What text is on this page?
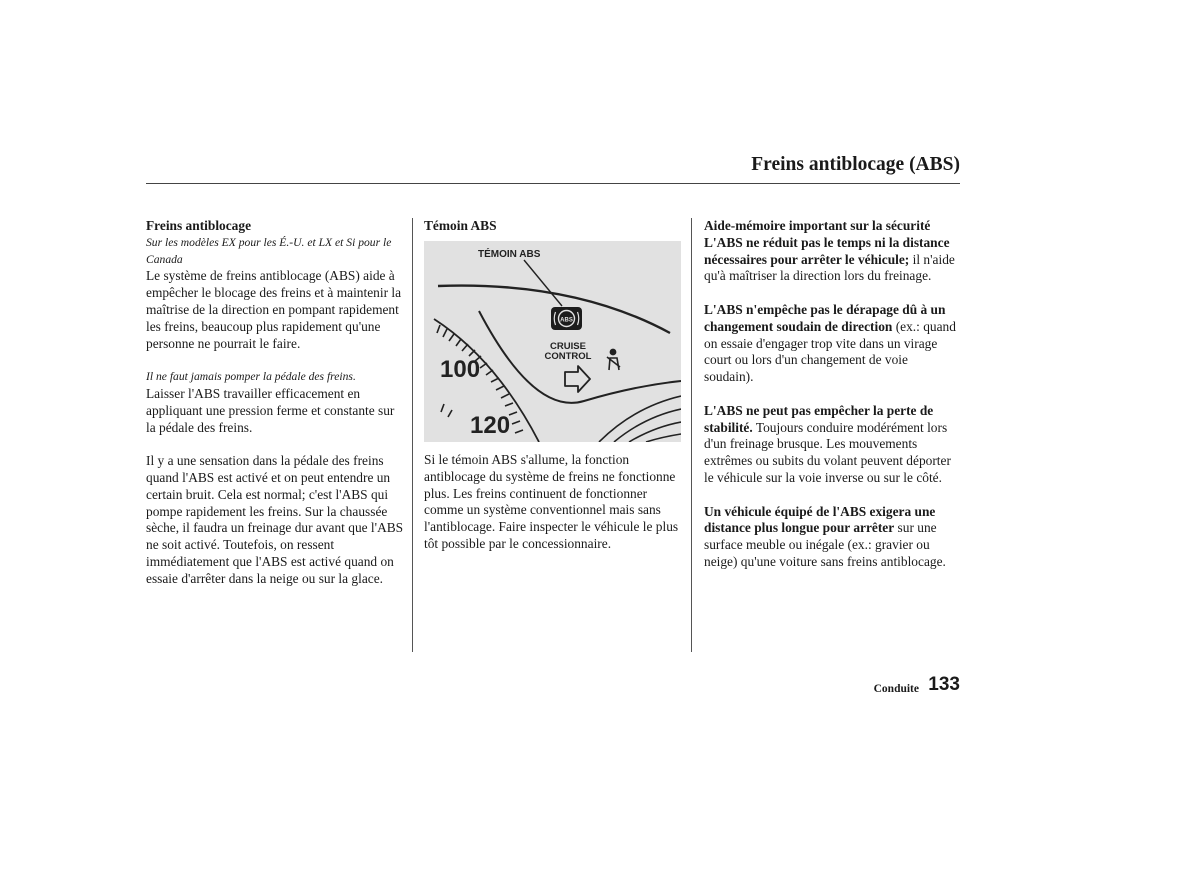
Freins antiblocage (ABS)

Freins antiblocage

Sur les modèles EX pour les É.-U. et LX et Si pour le Canada

Le système de freins antiblocage (ABS) aide à empêcher le blocage des freins et à maintenir la maîtrise de la direction en pompant rapidement les freins, beaucoup plus rapidement qu'une personne ne pourrait le faire.

Il ne faut jamais pomper la pédale des freins.

Laisser l'ABS travailler efficacement en appliquant une pression ferme et constante sur la pédale des freins.

Il y a une sensation dans la pédale des freins quand l'ABS est activé et on peut entendre un certain bruit. Cela est normal; c'est l'ABS qui pompe rapidement les freins. Sur la chaussée sèche, il faudra un freinage dur avant que l'ABS ne soit activé. Toutefois, on ressent immédiatement que l'ABS est activé quand on essaie d'arrêter dans la neige ou sur la glace.

Témoin ABS

TÉMOIN ABS
ABS
CRUISE
CONTROL
100
120

Si le témoin ABS s'allume, la fonction antiblocage du système de freins ne fonctionne plus. Les freins continuent de fonctionner comme un système conventionnel mais sans l'antiblocage. Faire inspecter le véhicule le plus tôt possible par le concessionnaire.

Aide-mémoire important sur la sécurité

L'ABS ne réduit pas le temps ni la distance nécessaires pour arrêter le véhicule; il n'aide qu'à maîtriser la direction lors du freinage.

L'ABS n'empêche pas le dérapage dû à un changement soudain de direction (ex.: quand on essaie d'engager trop vite dans un virage court ou lors d'un changement de voie soudain).

L'ABS ne peut pas empêcher la perte de stabilité. Toujours conduire modérément lors d'un freinage brusque. Les mouvements extrêmes ou subits du volant peuvent déporter le véhicule sur la voie inverse ou sur le côté.

Un véhicule équipé de l'ABS exigera une distance plus longue pour arrêter sur une surface meuble ou inégale (ex.: gravier ou neige) qu'une voiture sans freins antiblocage.

Conduite 133
